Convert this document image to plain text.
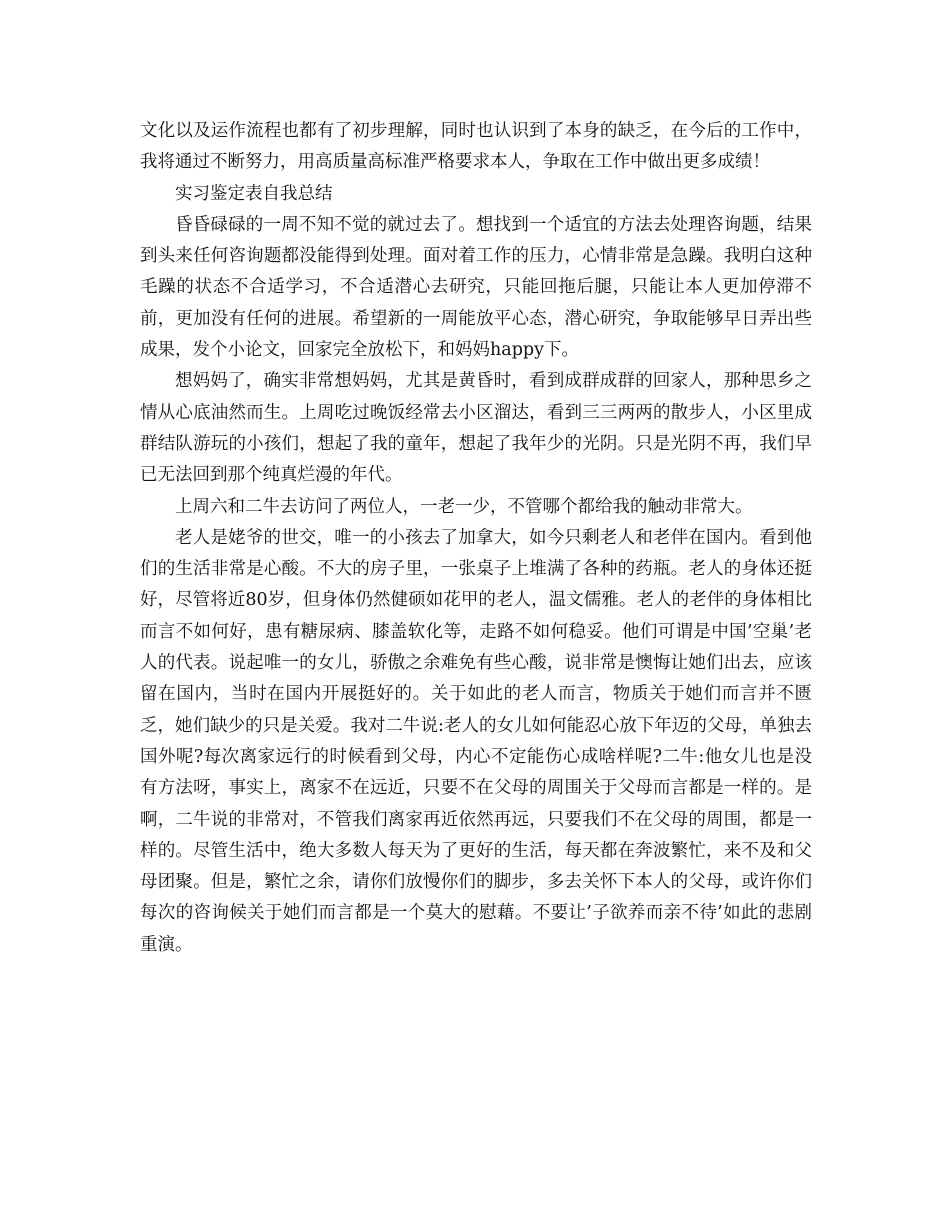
文化以及运作流程也都有了初步理解，同时也认识到了本身的缺乏，在今后的工作中，我将通过不断努力，用高质量高标准严格要求本人，争取在工作中做出更多成绩！

实习鉴定表自我总结

昏昏碌碌的一周不知不觉的就过去了。想找到一个适宜的方法去处理咨询题，结果到头来任何咨询题都没能得到处理。面对着工作的压力，心情非常是急躁。我明白这种毛躁的状态不合适学习，不合适潜心去研究，只能回拖后腿，只能让本人更加停滞不前，更加没有任何的进展。希望新的一周能放平心态，潜心研究，争取能够早日弄出些成果，发个小论文，回家完全放松下，和妈妈happy下。

想妈妈了，确实非常想妈妈，尤其是黄昏时，看到成群成群的回家人，那种思乡之情从心底油然而生。上周吃过晚饭经常去小区溜达，看到三三两两的散步人，小区里成群结队游玩的小孩们，想起了我的童年，想起了我年少的光阴。只是光阴不再，我们早已无法回到那个纯真烂漫的年代。

上周六和二牛去访问了两位人，一老一少，不管哪个都给我的触动非常大。

老人是姥爷的世交，唯一的小孩去了加拿大，如今只剩老人和老伴在国内。看到他们的生活非常是心酸。不大的房子里，一张桌子上堆满了各种的药瓶。老人的身体还挺好，尽管将近80岁，但身体仍然健硕如花甲的老人，温文儒雅。老人的老伴的身体相比而言不如何好，患有糖尿病、膝盖软化等，走路不如何稳妥。他们可谓是中国’空巢’老人的代表。说起唯一的女儿，骄傲之余难免有些心酸，说非常是懊悔让她们出去，应该留在国内，当时在国内开展挺好的。关于如此的老人而言，物质关于她们而言并不匮乏，她们缺少的只是关爱。我对二牛说:老人的女儿如何能忍心放下年迈的父母，单独去国外呢?每次离家远行的时候看到父母，内心不定能伤心成啥样呢?二牛:他女儿也是没有方法呀，事实上，离家不在远近，只要不在父母的周围关于父母而言都是一样的。是啊，二牛说的非常对，不管我们离家再近依然再远，只要我们不在父母的周围，都是一样的。尽管生活中，绝大多数人每天为了更好的生活，每天都在奔波繁忙，来不及和父母团聚。但是，繁忙之余，请你们放慢你们的脚步，多去关怀下本人的父母，或许你们每次的咨询候关于她们而言都是一个莫大的慰藉。不要让’子欲养而亲不待’如此的悲剧重演。
